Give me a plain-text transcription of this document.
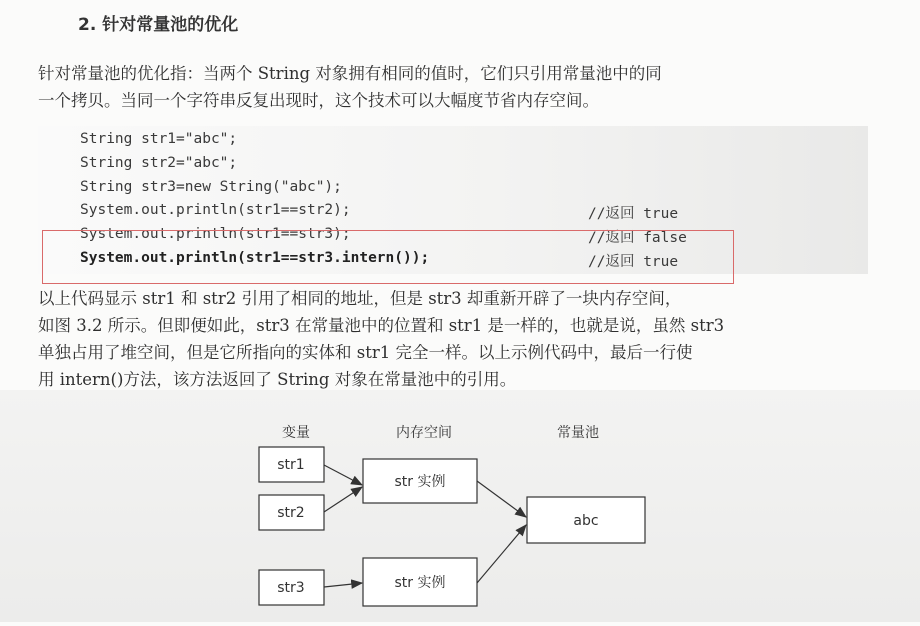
2. 针对常量池的优化
针对常量池的优化指：当两个 String 对象拥有相同的值时，它们只引用常量池中的同
一个拷贝。当同一个字符串反复出现时，这个技术可以大幅度节省内存空间。
String str1="abc";
String str2="abc";
String str3=new String("abc");
System.out.println(str1==str2);	//返回 true
System.out.println(str1==str3);	//返回 false
System.out.println(str1==str3.intern());	//返回 true
以上代码显示 str1 和 str2 引用了相同的地址，但是 str3 却重新开辟了一块内存空间，
如图 3.2 所示。但即便如此，str3 在常量池中的位置和 str1 是一样的，也就是说，虽然 str3
单独占用了堆空间，但是它所指向的实体和 str1 完全一样。以上示例代码中，最后一行使
用 intern()方法，该方法返回了 String 对象在常量池中的引用。
变量	内存空间	常量池
str1
str2
str3
str 实例
str 实例
abc
